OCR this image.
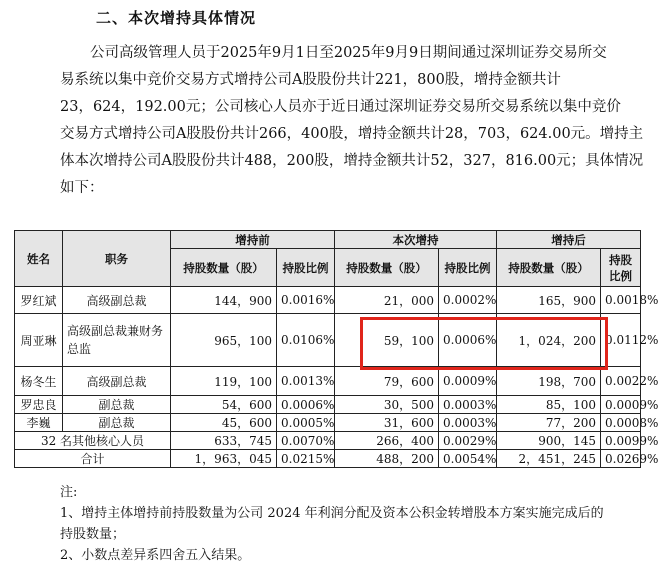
二、本次增持具体情况
公司高级管理人员于2025年9月1日至2025年9月9日期间通过深圳证券交易所交
易系统以集中竞价交易方式增持公司A股股份共计221，800股，增持金额共计
23，624，192.00元；公司核心人员亦于近日通过深圳证券交易所交易系统以集中竞价
交易方式增持公司A股股份共计266，400股，增持金额共计28，703，624.00元。增持主
体本次增持公司A股股份共计488，200股，增持金额共计52，327，816.00元；具体情况
如下：
姓名	职务	增持前		本次增持		增持后	
		持股数量（股）	持股比例	持股数量（股）	持股比例	持股数量（股）	持股比例
罗红斌	高级副总裁	144，900	0.0016%	21，000	0.0002%	165，900	0.0018%
周亚琳	高级副总裁兼财务总监	965，100	0.0106%	59，100	0.0006%	1，024，200	0.0112%
杨冬生	高级副总裁	119，100	0.0013%	79，600	0.0009%	198，700	0.0022%
罗忠良	副总裁	54，600	0.0006%	30，500	0.0003%	85，100	0.0009%
李巍	副总裁	45，600	0.0005%	31，600	0.0003%	77，200	0.0008%
32 名其他核心人员		633，745	0.0070%	266，400	0.0029%	900，145	0.0099%
合计		1，963，045	0.0215%	488，200	0.0054%	2，451，245	0.0269%
注:
1、增持主体增持前持股数量为公司 2024 年利润分配及资本公积金转增股本方案实施完成后的
持股数量；
2、小数点差异系四舍五入结果。
